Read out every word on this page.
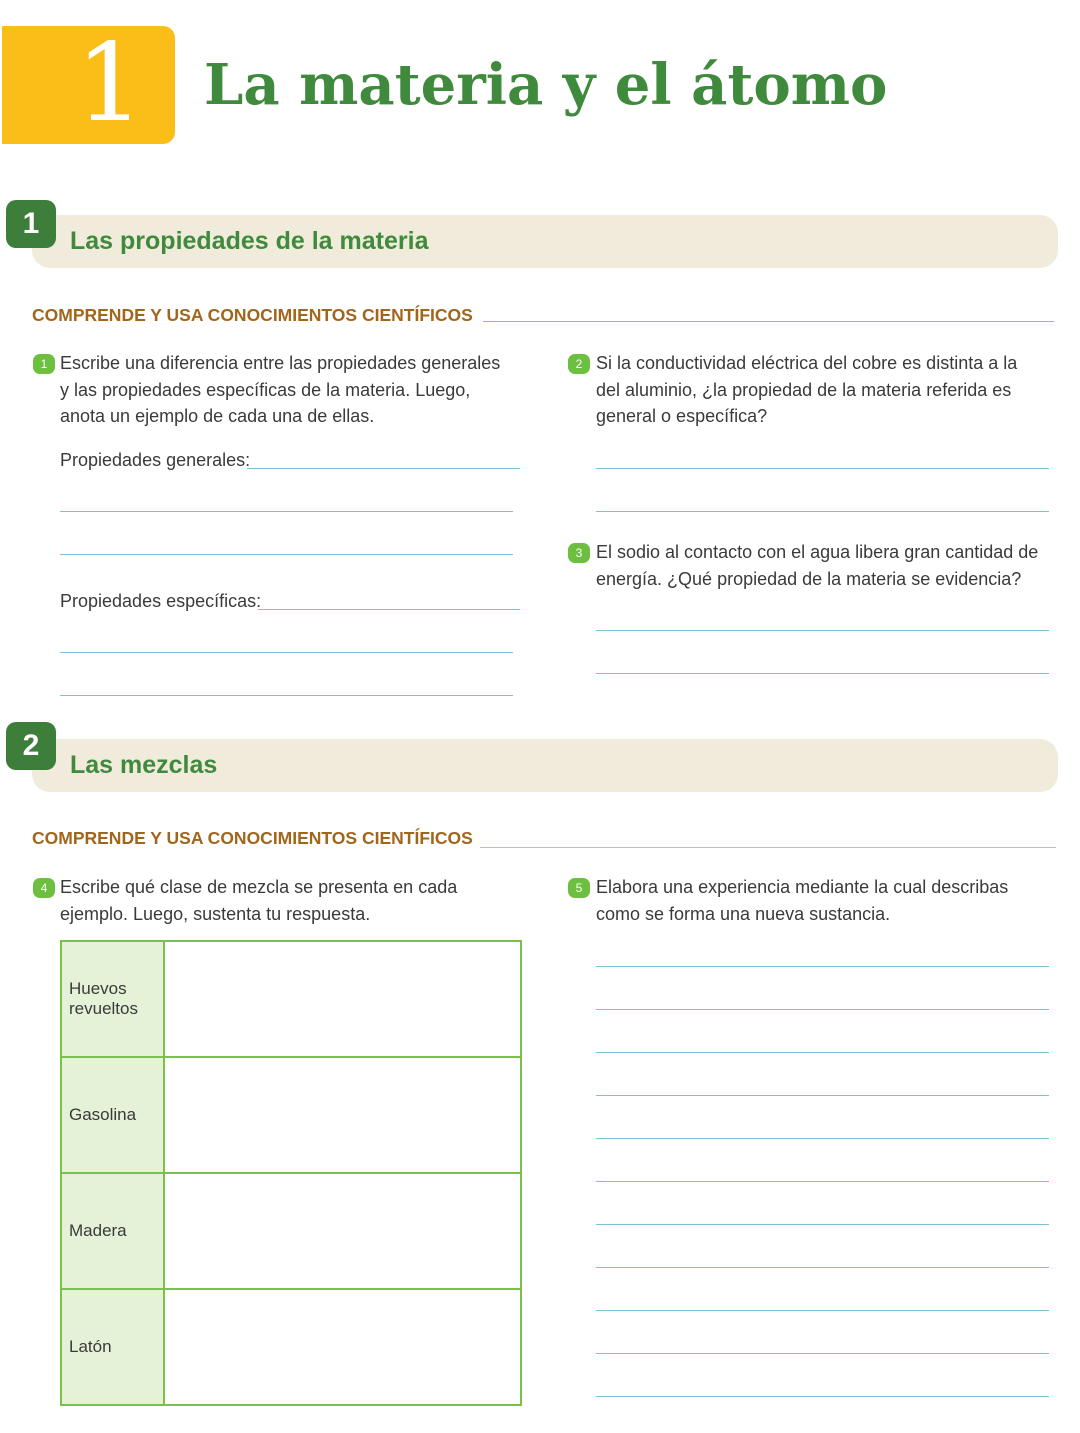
1 La materia y el átomo
1
Las propiedades de la materia
COMPRENDE Y USA CONOCIMIENTOS CIENTÍFICOS
1 Escribe una diferencia entre las propiedades generales
y las propiedades específicas de la materia. Luego,
anota un ejemplo de cada una de ellas.
Propiedades generales:
Propiedades específicas:
2 Si la conductividad eléctrica del cobre es distinta a la
del aluminio, ¿la propiedad de la materia referida es
general o específica?
3 El sodio al contacto con el agua libera gran cantidad de
energía. ¿Qué propiedad de la materia se evidencia?
2
Las mezclas
COMPRENDE Y USA CONOCIMIENTOS CIENTÍFICOS
4 Escribe qué clase de mezcla se presenta en cada
ejemplo. Luego, sustenta tu respuesta.
Huevos
revueltos	

Gasolina	

Madera	

Latón	

5 Elabora una experiencia mediante la cual describas
como se forma una nueva sustancia.
